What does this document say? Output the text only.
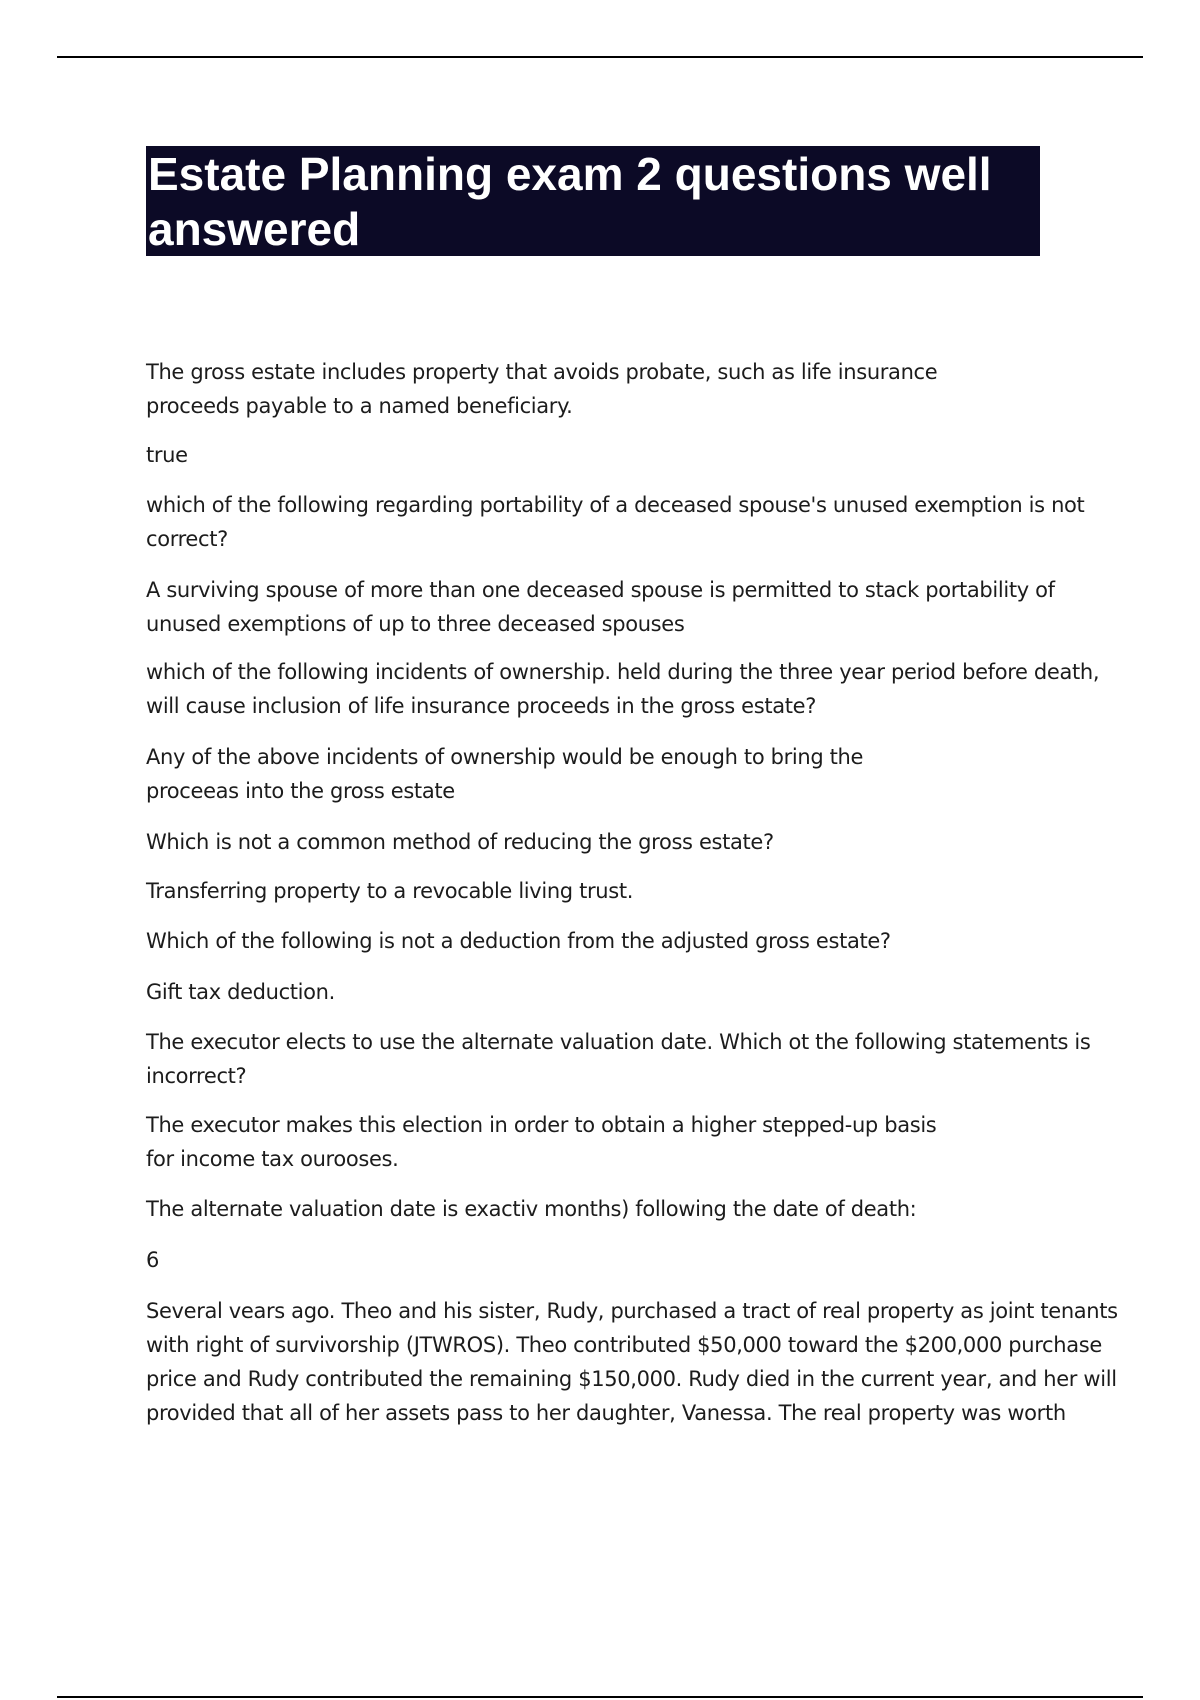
Estate Planning exam 2 questions well
answered

The gross estate includes property that avoids probate, such as life insurance
proceeds payable to a named beneficiary.

true

which of the following regarding portability of a deceased spouse's unused exemption is not
correct?

A surviving spouse of more than one deceased spouse is permitted to stack portability of
unused exemptions of up to three deceased spouses

which of the following incidents of ownership. held during the three year period before death,
will cause inclusion of life insurance proceeds in the gross estate?

Any of the above incidents of ownership would be enough to bring the
proceeas into the gross estate

Which is not a common method of reducing the gross estate?

Transferring property to a revocable living trust.

Which of the following is not a deduction from the adjusted gross estate?

Gift tax deduction.

The executor elects to use the alternate valuation date. Which ot the following statements is
incorrect?

The executor makes this election in order to obtain a higher stepped-up basis
for income tax ourooses.

The alternate valuation date is exactiv months) following the date of death:

6

Several vears ago. Theo and his sister, Rudy, purchased a tract of real property as joint tenants
with right of survivorship (JTWROS). Theo contributed $50,000 toward the $200,000 purchase
price and Rudy contributed the remaining $150,000. Rudy died in the current year, and her will
provided that all of her assets pass to her daughter, Vanessa. The real property was worth
